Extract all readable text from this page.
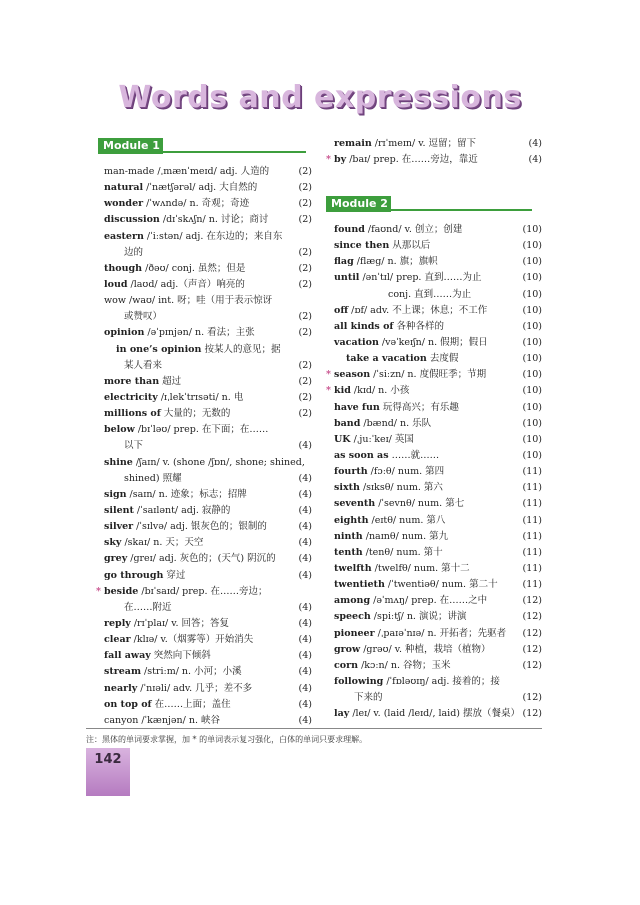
Words and expressions
Module 1
man-made /ˌmænˈmeɪd/ adj. 人造的	(2)
natural /ˈnætʃərəl/ adj. 大自然的	(2)
wonder /ˈwʌndə/ n. 奇观；奇迹	(2)
discussion /dɪˈskʌʃn/ n. 讨论；商讨	(2)
eastern /ˈiːstən/ adj. 在东边的；来自东
边的	(2)
though /ðəʊ/ conj. 虽然；但是	(2)
loud /laʊd/ adj.（声音）响亮的	(2)
wow /waʊ/ int. 呀；哇（用于表示惊讶
或赞叹）	(2)
opinion /əˈpɪnjən/ n. 看法；主张	(2)
in one’s opinion 按某人的意见；据
某人看来	(2)
more than 超过	(2)
electricity /ɪˌlekˈtrɪsəti/ n. 电	(2)
millions of 大量的；无数的	(2)
below /bɪˈləʊ/ prep. 在下面；在……
以下	(4)
shine /ʃaɪn/ v. (shone /ʃɒn/, shone; shined,
shined) 照耀	(4)
sign /saɪn/ n. 迹象；标志；招牌	(4)
silent /ˈsaɪlənt/ adj. 寂静的	(4)
silver /ˈsɪlvə/ adj. 银灰色的；银制的	(4)
sky /skaɪ/ n. 天；天空	(4)
grey /greɪ/ adj. 灰色的；(天气) 阴沉的 (4)
go through 穿过	(4)
* beside /bɪˈsaɪd/ prep. 在……旁边；
在……附近	(4)
reply /rɪˈplaɪ/ v. 回答；答复	(4)
clear /klɪə/ v.（烟雾等）开始消失	(4)
fall away 突然向下倾斜	(4)
stream /striːm/ n. 小河；小溪	(4)
nearly /ˈnɪəli/ adv. 几乎；差不多	(4)
on top of 在……上面；盖住	(4)
canyon /ˈkænjən/ n. 峡谷	(4)
remain /rɪˈmeɪn/ v. 逗留；留下	(4)
* by /baɪ/ prep. 在……旁边，靠近	(4)
Module 2
found /faʊnd/ v. 创立；创建	(10)
since then 从那以后	(10)
flag /flæg/ n. 旗；旗帜	(10)
until /ənˈtɪl/ prep. 直到……为止	(10)
conj. 直到……为止	(10)
off /ɒf/ adv. 不上课；休息；不工作	(10)
all kinds of 各种各样的	(10)
vacation /vəˈkeɪʃn/ n. 假期；假日	(10)
take a vacation 去度假	(10)
* season /ˈsiːzn/ n. 度假旺季；节期	(10)
* kid /kɪd/ n. 小孩	(10)
have fun 玩得高兴；有乐趣	(10)
band /bænd/ n. 乐队	(10)
UK /ˌjuːˈkeɪ/ 英国	(10)
as soon as ……就……	(10)
fourth /fɔːθ/ num. 第四	(11)
sixth /sɪksθ/ num. 第六	(11)
seventh /ˈsevnθ/ num. 第七	(11)
eighth /eɪtθ/ num. 第八	(11)
ninth /naɪnθ/ num. 第九	(11)
tenth /tenθ/ num. 第十	(11)
twelfth /twelfθ/ num. 第十二	(11)
twentieth /ˈtwentiəθ/ num. 第二十	(11)
among /əˈmʌŋ/ prep. 在……之中	(12)
speech /spiːtʃ/ n. 演说；讲演	(12)
pioneer /ˌpaɪəˈnɪə/ n. 开拓者；先驱者 (12)
grow /grəʊ/ v. 种植，栽培（植物）	(12)
corn /kɔːn/ n. 谷物；玉米	(12)
following /ˈfɒləʊɪŋ/ adj. 接着的；接
下来的	(12)
lay /leɪ/ v. (laid /leɪd/, laid) 摆放（餐桌） (12)
注：黑体的单词要求掌握，加 * 的单词表示复习强化，白体的单词只要求理解。
142
